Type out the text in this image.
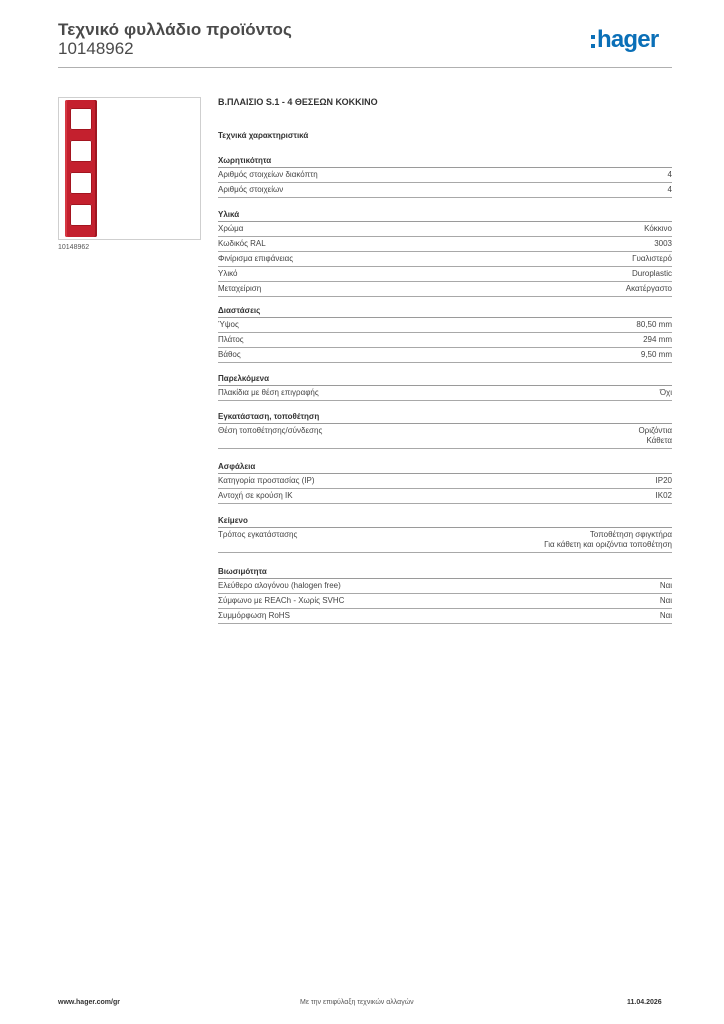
Τεχνικό φυλλάδιο προϊόντος
10148962	hager
10148962
Β.ΠΛΑΙΣΙΟ S.1 - 4 ΘΕΣΕΩΝ ΚΟΚΚΙΝΟ
Τεχνικά χαρακτηριστικά
Χωρητικότητα
Αριθμός στοιχείων διακόπτη	4
Αριθμός στοιχείων	4
Υλικά
Χρώμα	Κόκκινο
Κωδικός RAL	3003
Φινίρισμα επιφάνειας	Γυαλιστερό
Υλικό	Duroplastic
Μεταχείριση	Ακατέργαστο
Διαστάσεις
Ύψος	80,50 mm
Πλάτος	294 mm
Βάθος	9,50 mm
Παρελκόμενα
Πλακίδια με θέση επιγραφής	Όχι
Εγκατάσταση, τοποθέτηση
Θέση τοποθέτησης/σύνδεσης	Οριζόντια
Κάθετα
Ασφάλεια
Κατηγορία προστασίας (IP)	IP20
Αντοχή σε κρούση IK	IK02
Κείμενο
Τρόπος εγκατάστασης	Τοποθέτηση σφιγκτήρα
Για κάθετη και οριζόντια τοποθέτηση
Βιωσιμότητα
Ελεύθερο αλογόνου (halogen free)	Ναι
Σύμφωνο με REACh - Χωρίς SVHC	Ναι
Συμμόρφωση RoHS	Ναι
www.hager.com/gr	Με την επιφύλαξη τεχνικών αλλαγών	11.04.2026
